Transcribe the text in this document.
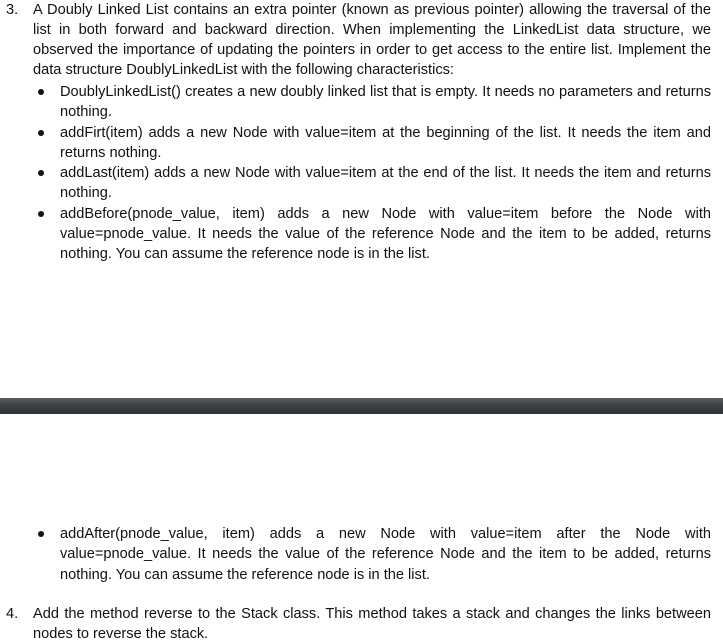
3.	A Doubly Linked List contains an extra pointer (known as previous pointer) allowing the traversal of the list in both forward and backward direction. When implementing the LinkedList data structure, we observed the importance of updating the pointers in order to get access to the entire list. Implement the data structure DoublyLinkedList with the following characteristics:
DoublyLinkedList() creates a new doubly linked list that is empty. It needs no parameters and returns nothing.
addFirt(item) adds a new Node with value=item at the beginning of the list. It needs the item and returns nothing.
addLast(item) adds a new Node with value=item at the end of the list. It needs the item and returns nothing.
addBefore(pnode_value, item) adds a new Node with value=item before the Node with value=pnode_value. It needs the value of the reference Node and the item to be added, returns nothing. You can assume the reference node is in the list.
addAfter(pnode_value, item) adds a new Node with value=item after the Node with value=pnode_value. It needs the value of the reference Node and the item to be added, returns nothing. You can assume the reference node is in the list.
4.	Add the method reverse to the Stack class. This method takes a stack and changes the links between nodes to reverse the stack.
